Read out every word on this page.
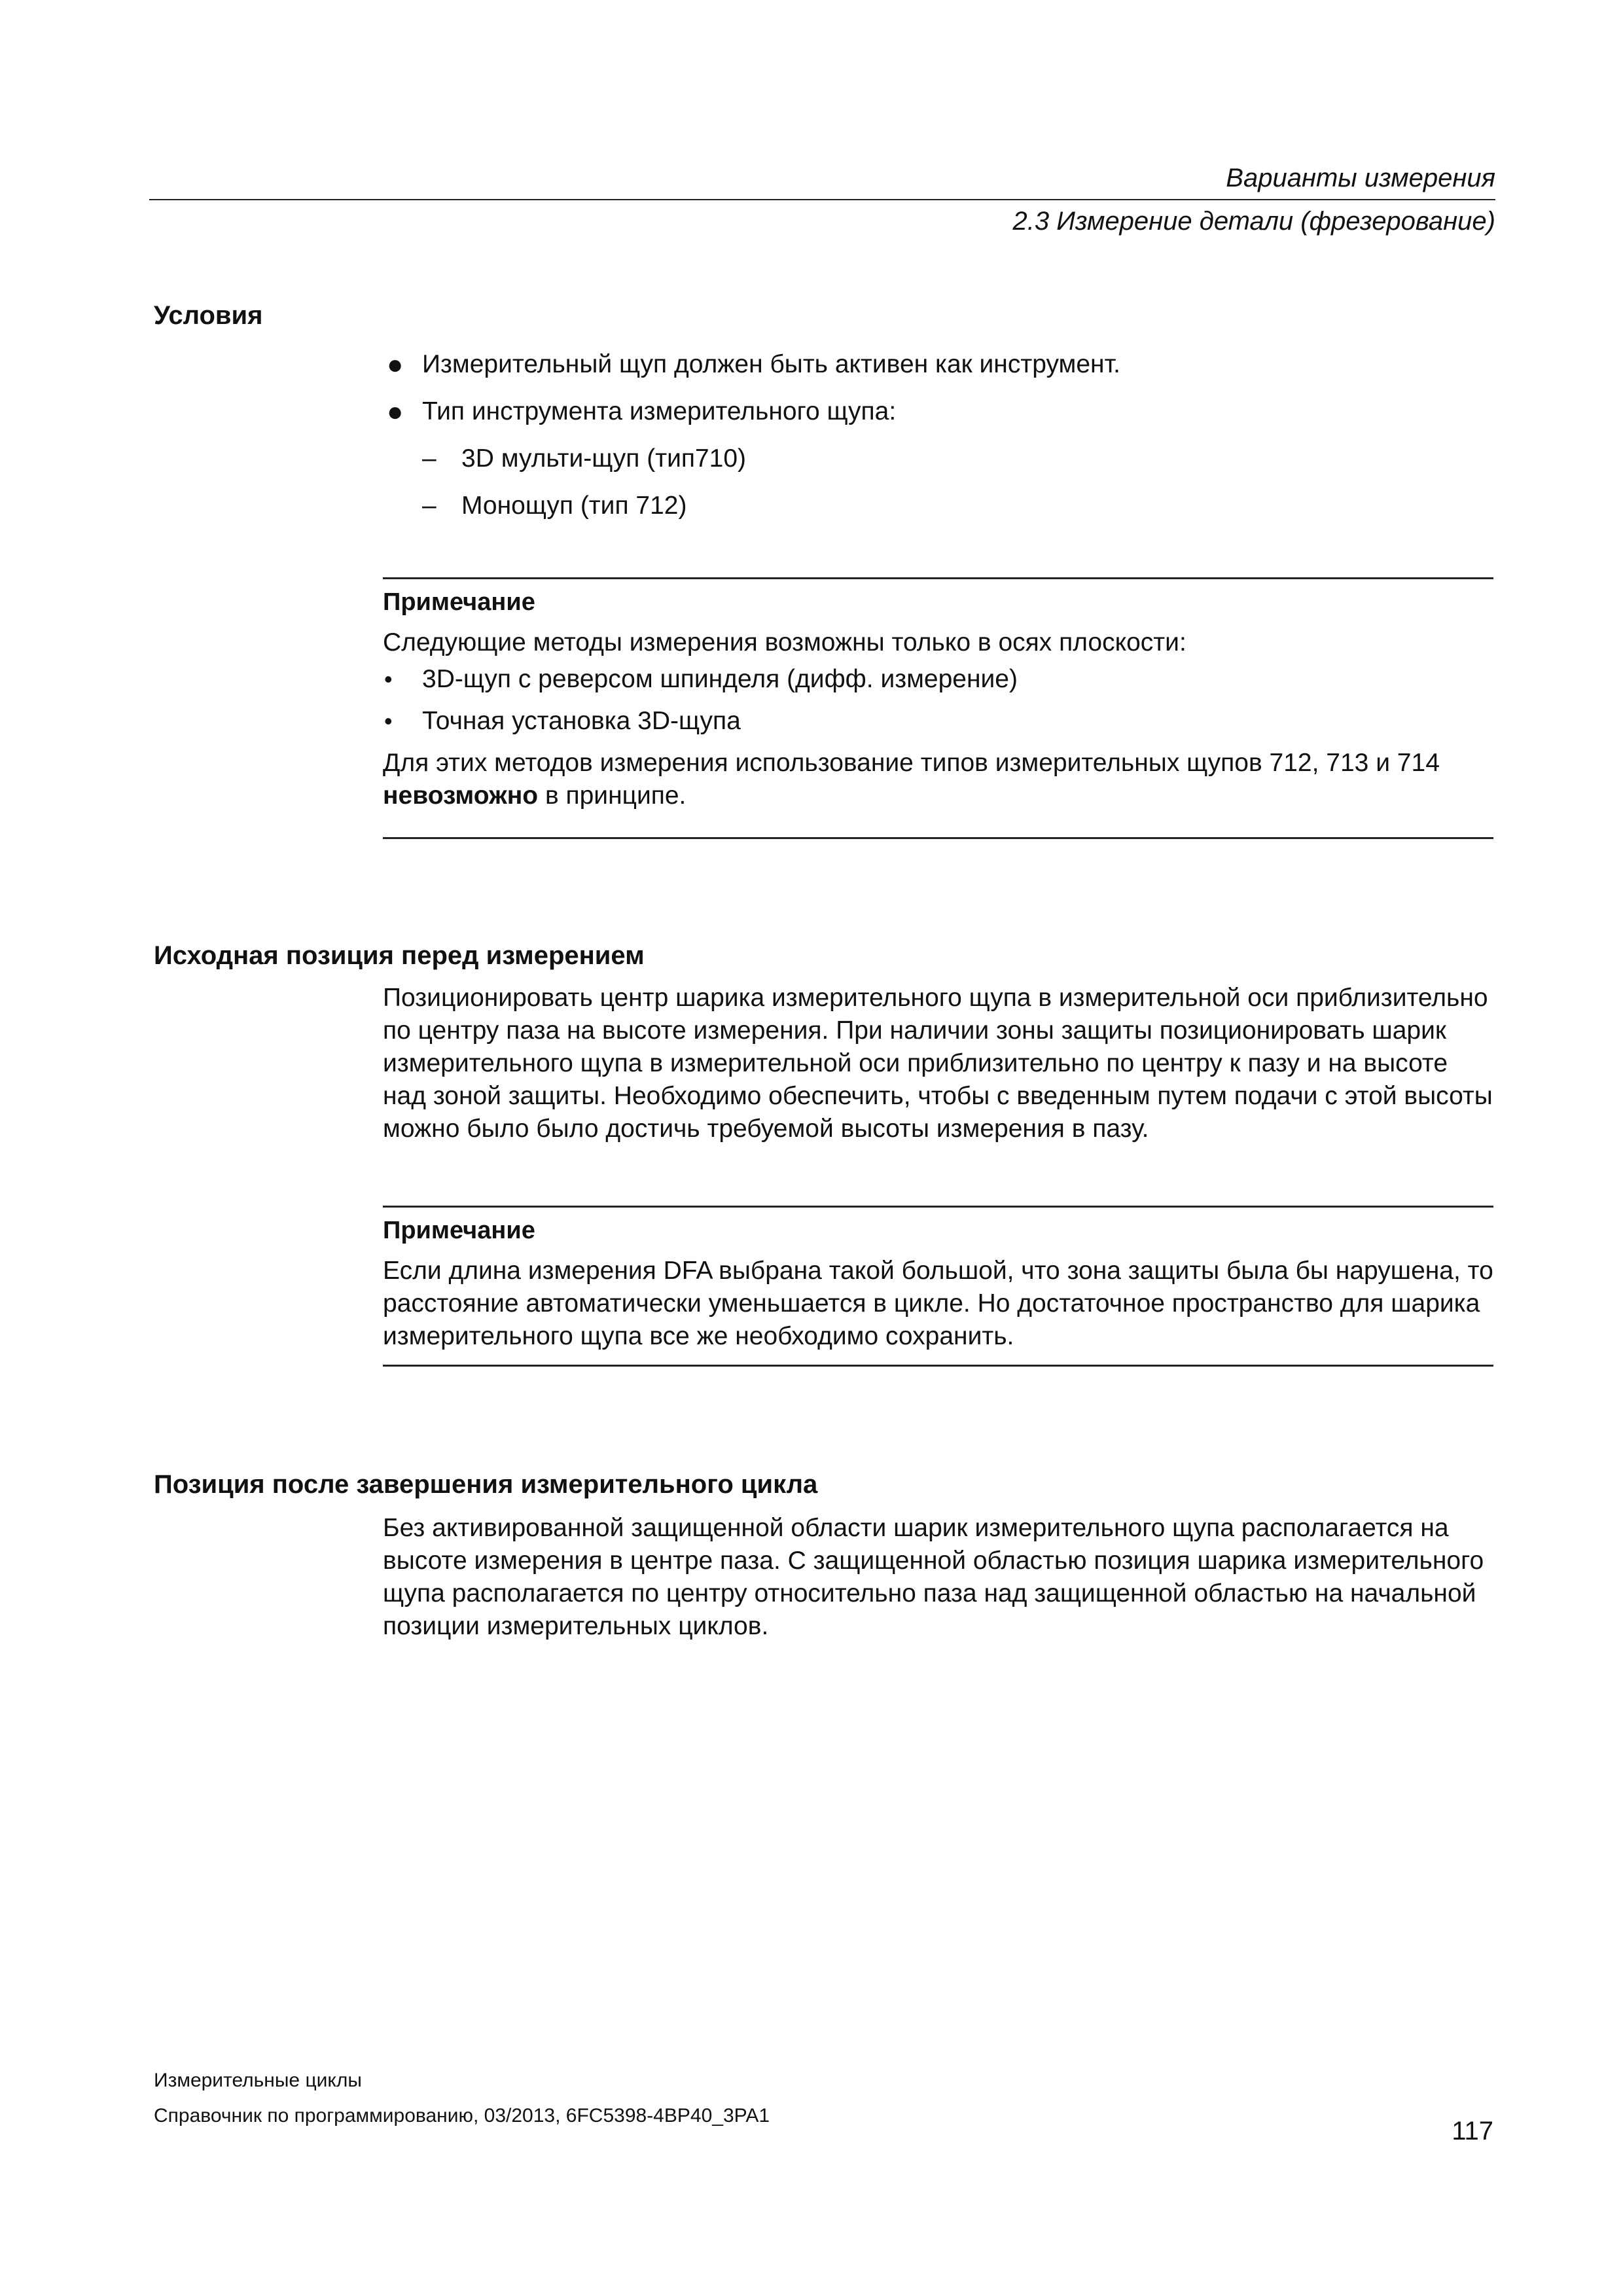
Варианты измерения
2.3 Измерение детали (фрезерование)
Условия
● Измерительный щуп должен быть активен как инструмент.
● Тип инструмента измерительного щупа:
– 3D мульти-щуп (тип710)
– Монощуп (тип 712)
Примечание
Следующие методы измерения возможны только в осях плоскости:
• 3D-щуп с реверсом шпинделя (дифф. измерение)
• Точная установка 3D-щупа
Для этих методов измерения использование типов измерительных щупов 712, 713 и 714 невозможно в принципе.
Исходная позиция перед измерением
Позиционировать центр шарика измерительного щупа в измерительной оси приблизительно по центру паза на высоте измерения. При наличии зоны защиты позиционировать шарик измерительного щупа в измерительной оси приблизительно по центру к пазу и на высоте над зоной защиты. Необходимо обеспечить, чтобы с введенным путем подачи с этой высоты можно было было достичь требуемой высоты измерения в пазу.
Примечание
Если длина измерения DFA выбрана такой большой, что зона защиты была бы нарушена, то расстояние автоматически уменьшается в цикле. Но достаточное пространство для шарика измерительного щупа все же необходимо сохранить.
Позиция после завершения измерительного цикла
Без активированной защищенной области шарик измерительного щупа располагается на высоте измерения в центре паза. С защищенной областью позиция шарика измерительного щупа располагается по центру относительно паза над защищенной областью на начальной позиции измерительных циклов.
Измерительные циклы
Справочник по программированию, 03/2013, 6FC5398-4BP40_3PA1
117
